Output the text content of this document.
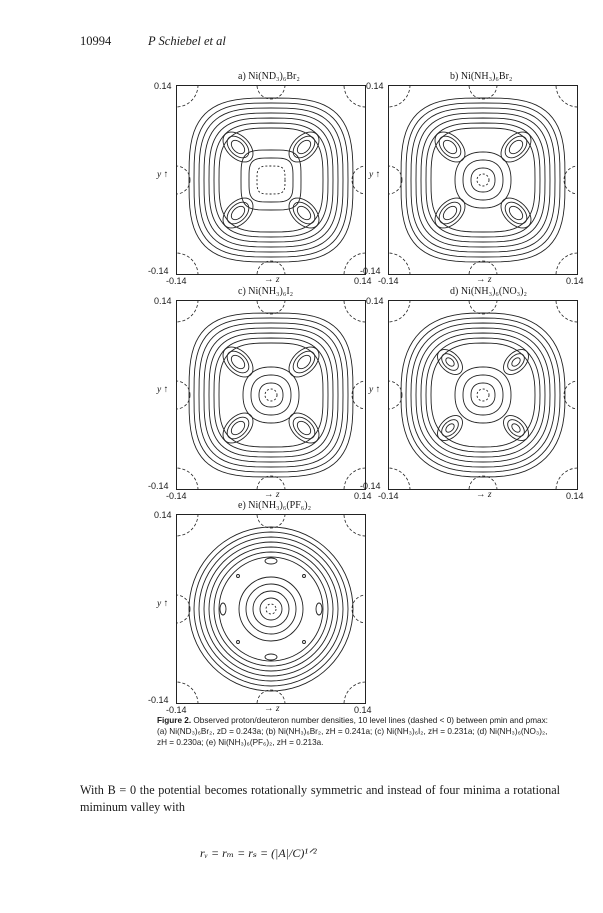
10994	P Schiebel et al
Figure 2. Observed proton/deuteron number densities, 10 level lines (dashed < 0) between ρmin and ρmax: (a) Ni(ND₃)₆Br₂, zD = 0.243a; (b) Ni(NH₃)₆Br₂, zH = 0.241a; (c) Ni(NH₃)₆I₂, zH = 0.231a; (d) Ni(NH₃)₆(NO₃)₂, zH = 0.230a; (e) Ni(NH₃)₆(PF₆)₂, zH = 0.213a.
With B = 0 the potential becomes rotationally symmetric and instead of four minima a rotational miminum valley with
rᵥ = rₘ = rₛ = (|A|/C)¹ᐟ²
a) Ni(ND₃)₆Br₂
0.14
-0.14
-0.14	0.14
→ z
y ↑
b) Ni(NH₃)₆Br₂
0.14
-0.14
-0.14	0.14
→ z
y ↑
c) Ni(NH₃)₆I₂
0.14
-0.14
-0.14	0.14
→ z
y ↑
d) Ni(NH₃)₆(NO₃)₂
0.14
-0.14
-0.14	0.14
→ z
y ↑
e) Ni(NH₃)₆(PF₆)₂
0.14
-0.14
-0.14	0.14
→ z
y ↑
